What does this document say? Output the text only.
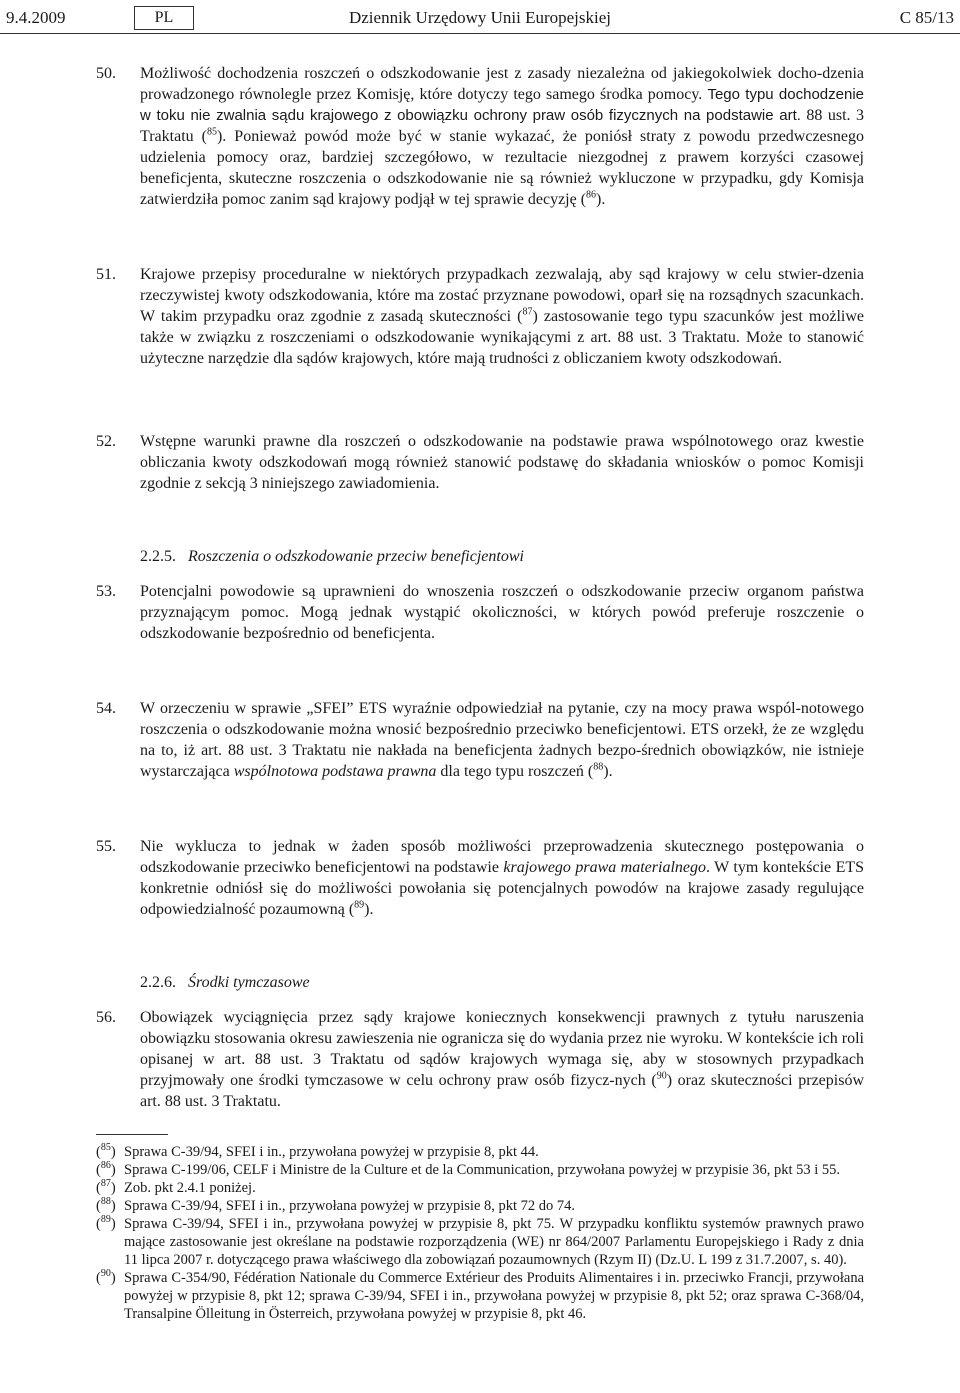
9.4.2009	PL	Dziennik Urzędowy Unii Europejskiej	C 85/13
50.	Możliwość dochodzenia roszczeń o odszkodowanie jest z zasady niezależna od jakiegokolwiek docho-dzenia prowadzonego równolegle przez Komisję, które dotyczy tego samego środka pomocy. Tego typu dochodzenie w toku nie zwalnia sądu krajowego z obowiązku ochrony praw osób fizycznych na podstawie art. 88 ust. 3 Traktatu ($^{85}$). Ponieważ powód może być w stanie wykazać, że poniósł straty z powodu przedwczesnego udzielenia pomocy oraz, bardziej szczegółowo, w rezultacie niezgodnej z prawem korzyści czasowej beneficjenta, skuteczne roszczenia o odszkodowanie nie są również wykluczone w przypadku, gdy Komisja zatwierdziła pomoc zanim sąd krajowy podjął w tej sprawie decyzję ($^{86}$).
51.	Krajowe przepisy proceduralne w niektórych przypadkach zezwalają, aby sąd krajowy w celu stwier-dzenia rzeczywistej kwoty odszkodowania, które ma zostać przyznane powodowi, oparł się na rozsądnych szacunkach. W takim przypadku oraz zgodnie z zasadą skuteczności ($^{87}$) zastosowanie tego typu szacunków jest możliwe także w związku z roszczeniami o odszkodowanie wynikającymi z art. 88 ust. 3 Traktatu. Może to stanowić użyteczne narzędzie dla sądów krajowych, które mają trudności z obliczaniem kwoty odszkodowań.
52.	Wstępne warunki prawne dla roszczeń o odszkodowanie na podstawie prawa wspólnotowego oraz kwestie obliczania kwoty odszkodowań mogą również stanowić podstawę do składania wniosków o pomoc Komisji zgodnie z sekcją 3 niniejszego zawiadomienia.
2.2.5. Roszczenia o odszkodowanie przeciw beneficjentowi
53.	Potencjalni powodowie są uprawnieni do wnoszenia roszczeń o odszkodowanie przeciw organom państwa przyznającym pomoc. Mogą jednak wystąpić okoliczności, w których powód preferuje roszczenie o odszkodowanie bezpośrednio od beneficjenta.
54.	W orzeczeniu w sprawie „SFEI” ETS wyraźnie odpowiedział na pytanie, czy na mocy prawa wspól-notowego roszczenia o odszkodowanie można wnosić bezpośrednio przeciwko beneficjentowi. ETS orzekł, że ze względu na to, iż art. 88 ust. 3 Traktatu nie nakłada na beneficjenta żadnych bezpo-średnich obowiązków, nie istnieje wystarczająca wspólnotowa podstawa prawna dla tego typu roszczeń ($^{88}$).
55.	Nie wyklucza to jednak w żaden sposób możliwości przeprowadzenia skutecznego postępowania o odszkodowanie przeciwko beneficjentowi na podstawie krajowego prawa materialnego. W tym kontekście ETS konkretnie odniósł się do możliwości powołania się potencjalnych powodów na krajowe zasady regulujące odpowiedzialność pozaumowną ($^{89}$).
2.2.6. Środki tymczasowe
56.	Obowiązek wyciągnięcia przez sądy krajowe koniecznych konsekwencji prawnych z tytułu naruszenia obowiązku stosowania okresu zawieszenia nie ogranicza się do wydania przez nie wyroku. W kontekście ich roli opisanej w art. 88 ust. 3 Traktatu od sądów krajowych wymaga się, aby w stosownych przypadkach przyjmowały one środki tymczasowe w celu ochrony praw osób fizycz-nych ($^{90}$) oraz skuteczności przepisów art. 88 ust. 3 Traktatu.
($^{85}$) Sprawa C-39/94, SFEI i in., przywołana powyżej w przypisie 8, pkt 44.
($^{86}$) Sprawa C-199/06, CELF i Ministre de la Culture et de la Communication, przywołana powyżej w przypisie 36, pkt 53 i 55.
($^{87}$) Zob. pkt 2.4.1 poniżej.
($^{88}$) Sprawa C-39/94, SFEI i in., przywołana powyżej w przypisie 8, pkt 72 do 74.
($^{89}$) Sprawa C-39/94, SFEI i in., przywołana powyżej w przypisie 8, pkt 75. W przypadku konfliktu systemów prawnych prawo mające zastosowanie jest określane na podstawie rozporządzenia (WE) nr 864/2007 Parlamentu Europejskiego i Rady z dnia 11 lipca 2007 r. dotyczącego prawa właściwego dla zobowiązań pozaumownych (Rzym II) (Dz.U. L 199 z 31.7.2007, s. 40).
($^{90}$) Sprawa C-354/90, Fédération Nationale du Commerce Extérieur des Produits Alimentaires i in. przeciwko Francji, przywołana powyżej w przypisie 8, pkt 12; sprawa C-39/94, SFEI i in., przywołana powyżej w przypisie 8, pkt 52; oraz sprawa C-368/04, Transalpine Ölleitung in Österreich, przywołana powyżej w przypisie 8, pkt 46.
